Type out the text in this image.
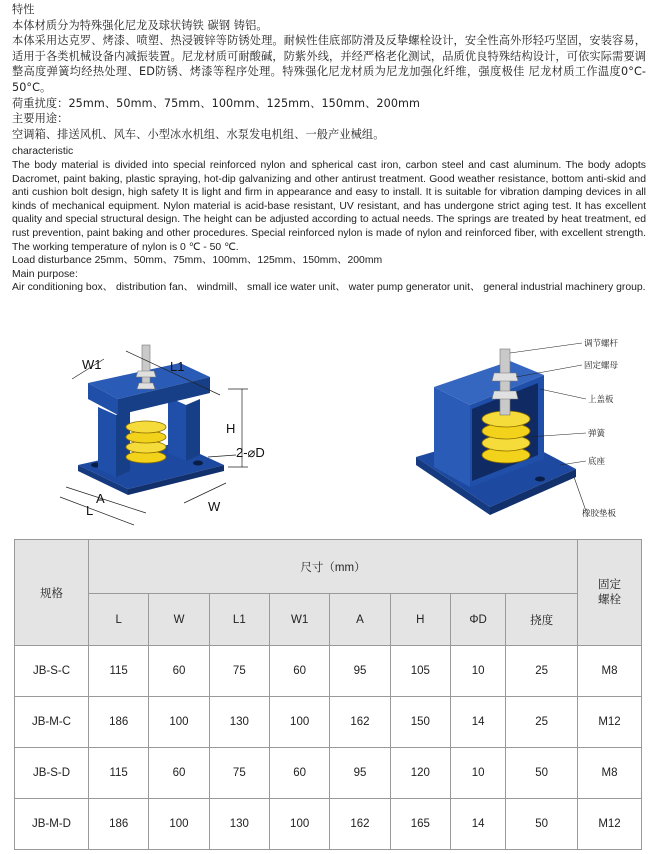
特性
本体材质分为特殊强化尼龙及球状铸铁 碳钢 铸铝。
本体采用达克罗、烤漆、喷塑、热浸镀锌等防锈处理。耐候性佳底部防滑及反挚螺栓设计，安全性高外形轻巧坚固，安装容易，适用于各类机械设备内减振装置。尼龙材质可耐酸碱，防紫外线，并经严格老化测试，品质优良特殊结构设计，可依实际需要调整高度弹簧均经热处理、ED防锈、烤漆等程序处理。特殊强化尼龙材质为尼龙加强化纤维，强度极佳 尼龙材质工作温度0°C-50°C。
荷重扰度：25mm、50mm、75mm、100mm、125mm、150mm、200mm
主要用途：
空调箱、排送风机、风车、小型冰水机组、水泵发电机组、一般产业械组。
characteristic
The body material is divided into special reinforced nylon and spherical cast iron, carbon steel and cast aluminum. The body adopts Dacromet, paint baking, plastic spraying, hot-dip galvanizing and other antirust treatment. Good weather resistance, bottom anti-skid and anti cushion bolt design, high safety It is light and firm in appearance and easy to install. It is suitable for vibration damping devices in all kinds of mechanical equipment. Nylon material is acid-base resistant, UV resistant, and has undergone strict aging test. It has excellent quality and special structural design. The height can be adjusted according to actual needs. The springs are treated by heat treatment, ed rust prevention, paint baking and other procedures. Special reinforced nylon is made of nylon and reinforced fiber, with excellent strength. The working temperature of nylon is 0 ℃ - 50 ℃.
Load disturbance 25mm、50mm、75mm、100mm、125mm、150mm、200mm
Main purpose:
Air conditioning box、 distribution fan、 windmill、 small ice water unit、 water pump generator unit、 general industrial machinery group.
W1	L1
H
2-⌀D
A
L	W
调节螺杆
固定螺母
上盖板
弹簧
底座
橡胶垫板
规格	尺寸（mm）								固定螺栓
	L	W	L1	W1	A	H	ΦD	挠度	
JB-S-C	115	60	75	60	95	105	10	25	M8
JB-M-C	186	100	130	100	162	150	14	25	M12
JB-S-D	115	60	75	60	95	120	10	50	M8
JB-M-D	186	100	130	100	162	165	14	50	M12
